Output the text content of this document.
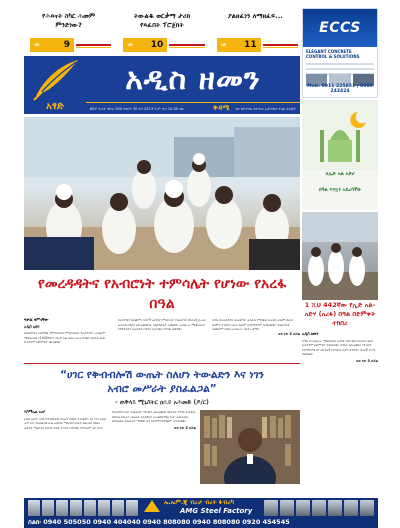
የሕጻናት ስካር ሕመም ምንድነው?
ገጽ	9
ትውልዱ ወርቃማ ታሪክ የጻፈበት ፕሮጀክት
ገጽ 10
ያልዘፈነን ለማዘፈፍ...
ገጽ 11
ECCS
ELEGANT CONCRETE CONTROL & SOLUTIONS
Mob: 0911 225851 | 0989 243424
አፃድ
አዲስ ዘመን
80ኛ ዓመት ቁጥር 300 ግንቦት 30 ቀን 2013 ዓ.ም ዋጋ 10.00 ብር	ቅዳሜ ገጽ ከትንሣኤ የታተመ ኢትዮጵያ ፕሬስ ድርጅት
የመረዳዳትና የአብሮነት ተምሳሌት የሆነው የአረፋ በዓል
ፍቃዱ ቁምላቸው
አዲስ አበባ
በአብሮነትና መቻቻል ተምሳሌትነቱ የሚታወቀው የኢትዮጵያ ሙስሊም ማህበረሰብ የ1442ኛውን የኢድ አል አድሓ አረፋ በዓልን በአዲስ አበባ ስታዲየም በድምቀት አክብሯል።
የኢትዮጵያ እስልምና ጉዳዮች ጠቅላይ ምክር ቤት ፕሬዚዳንት ሼህ ሀጂ ዑመር ኢድሪስ በዓሉን አስመልክተው ባስተላለፉት መልዕክት ሙስሊሙ ማህበረሰብ የተቸገሩትን በመርዳት በዓሉን ሊያሳልፍ ይገባል ብለዋል።
በዓሉ በመረዳዳትና በአብሮነት መንፈስ የሚከበር በመሆኑ ሁሉም ለአገሩ ሰላምና አንድነት በጋራ ሊቆም እንደሚገባም አሳስበዋል። ፕሬዚዳንቱ አክለውም ህዝበ ሙስሊሙ ለአገሩ ልማት
ወደ ገጽ 3 ዞሯል
ለኢድ አል አድሀ
በዓል እንኳን አደረሳችሁ
1 ሺህ 442ኛው የኢድ አል-አድሃ (አረፋ) በዓል በድምቀት ተከበረ
አዲስ ዘመን
በዓሉ የሙስሊሙ ማህበረሰብ አባላት በተገኙበት በአዲስ አበባ ስታዲየም በድምቀት ተከብሯል። በዓሉን አስመልክቶ የተለያዩ ሃይማኖታዊ ስነ ስርዓቶች የተካሄዱ ሲሆን ለተቸገሩ ወገኖች ድጋፍ ተደርጓል።
ወደ ገጽ 3 ዞሯል
“ሀገር የቅብብሎሽ ውጤት ስለሆነ ትውልድን እና ነገን
አብሮ መሥራት ያስፈልጋል”
- ጠቅላይ ሚኒስትር ዐቢይ አሕመድ (ዶ/ር)
እስማኤል አረቦ
አዲስ አበባ፦ ሀገር የቅብብሎሽ ውጤት ስለሆነ ትውልድን እና ነገን አብሮ መሥራት ያስፈልጋል ሲሉ ጠቅላይ ሚኒስትር ዐቢይ አሕመድ ገለጹ። ጠቅላይ ሚኒስትሩ ይህንን ያሉት ትናንት በተካሄደ ፕሮግራም ላይ ነው።
የአብሮነት ቤተ መጽሐፍት ግንባታን አስመልክቶ ባደረጉት ንግግር ትውልዱ ለንባብ ትኩረት መስጠት እንዳለበት አመልክተዋል። ቤተ መጽሐፍቱ ለትውልዱ የእውቀት ማዕከል ሆኖ እንደሚያገለግልም ተናግረዋል።
ወደ ገጽ 3 ዞሯል
ኤ.ኤም.ጂ ብረታ ብረት ፋብሪካ
AMG Steel Factory
ስልክ፡ 0940 505050 0940 404040 0940 808080 0940 808080 0920 454545
